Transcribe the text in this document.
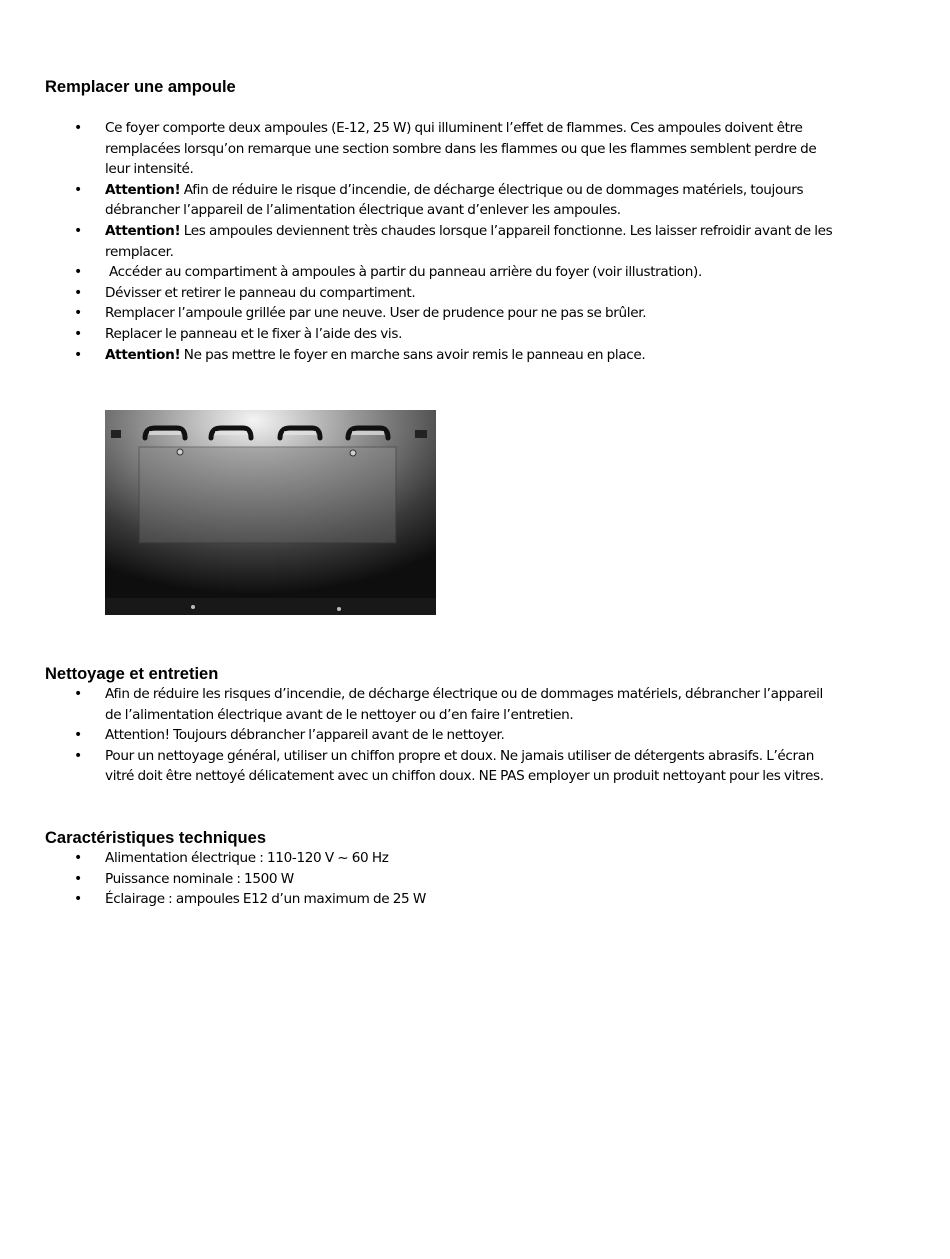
Remplacer une ampoule
• Ce foyer comporte deux ampoules (E-12, 25 W) qui illuminent l’effet de flammes. Ces ampoules doivent être remplacées lorsqu’on remarque une section sombre dans les flammes ou que les flammes semblent perdre de leur intensité.
• Attention! Afin de réduire le risque d’incendie, de décharge électrique ou de dommages matériels, toujours débrancher l’appareil de l’alimentation électrique avant d’enlever les ampoules.
• Attention! Les ampoules deviennent très chaudes lorsque l’appareil fonctionne. Les laisser refroidir avant de les remplacer.
• Accéder au compartiment à ampoules à partir du panneau arrière du foyer (voir illustration).
• Dévisser et retirer le panneau du compartiment.
• Remplacer l’ampoule grillée par une neuve. User de prudence pour ne pas se brûler.
• Replacer le panneau et le fixer à l’aide des vis.
• Attention! Ne pas mettre le foyer en marche sans avoir remis le panneau en place.
Nettoyage et entretien
• Afin de réduire les risques d’incendie, de décharge électrique ou de dommages matériels, débrancher l’appareil de l’alimentation électrique avant de le nettoyer ou d’en faire l’entretien.
• Attention! Toujours débrancher l’appareil avant de le nettoyer.
• Pour un nettoyage général, utiliser un chiffon propre et doux. Ne jamais utiliser de détergents abrasifs. L’écran vitré doit être nettoyé délicatement avec un chiffon doux. NE PAS employer un produit nettoyant pour les vitres.
Caractéristiques techniques
• Alimentation électrique : 110-120 V ~ 60 Hz
• Puissance nominale : 1500 W
• Éclairage : ampoules E12 d’un maximum de 25 W
